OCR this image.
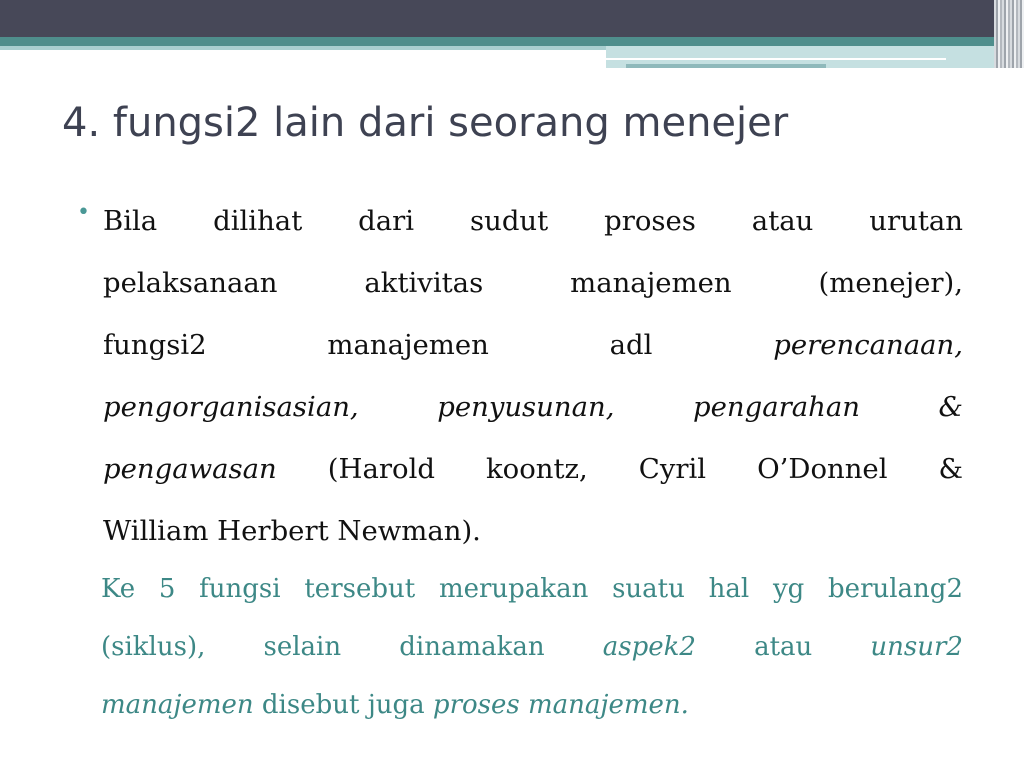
4. fungsi2 lain dari seorang menejer
• Bila dilihat dari sudut proses atau urutan
pelaksanaan aktivitas manajemen (menejer),
fungsi2 manajemen adl perencanaan,
pengorganisasian, penyusunan, pengarahan &
pengawasan (Harold koontz, Cyril O’Donnel &
William Herbert Newman).
Ke 5 fungsi tersebut merupakan suatu hal yg berulang2
(siklus), selain dinamakan aspek2 atau unsur2
manajemen disebut juga proses manajemen.
